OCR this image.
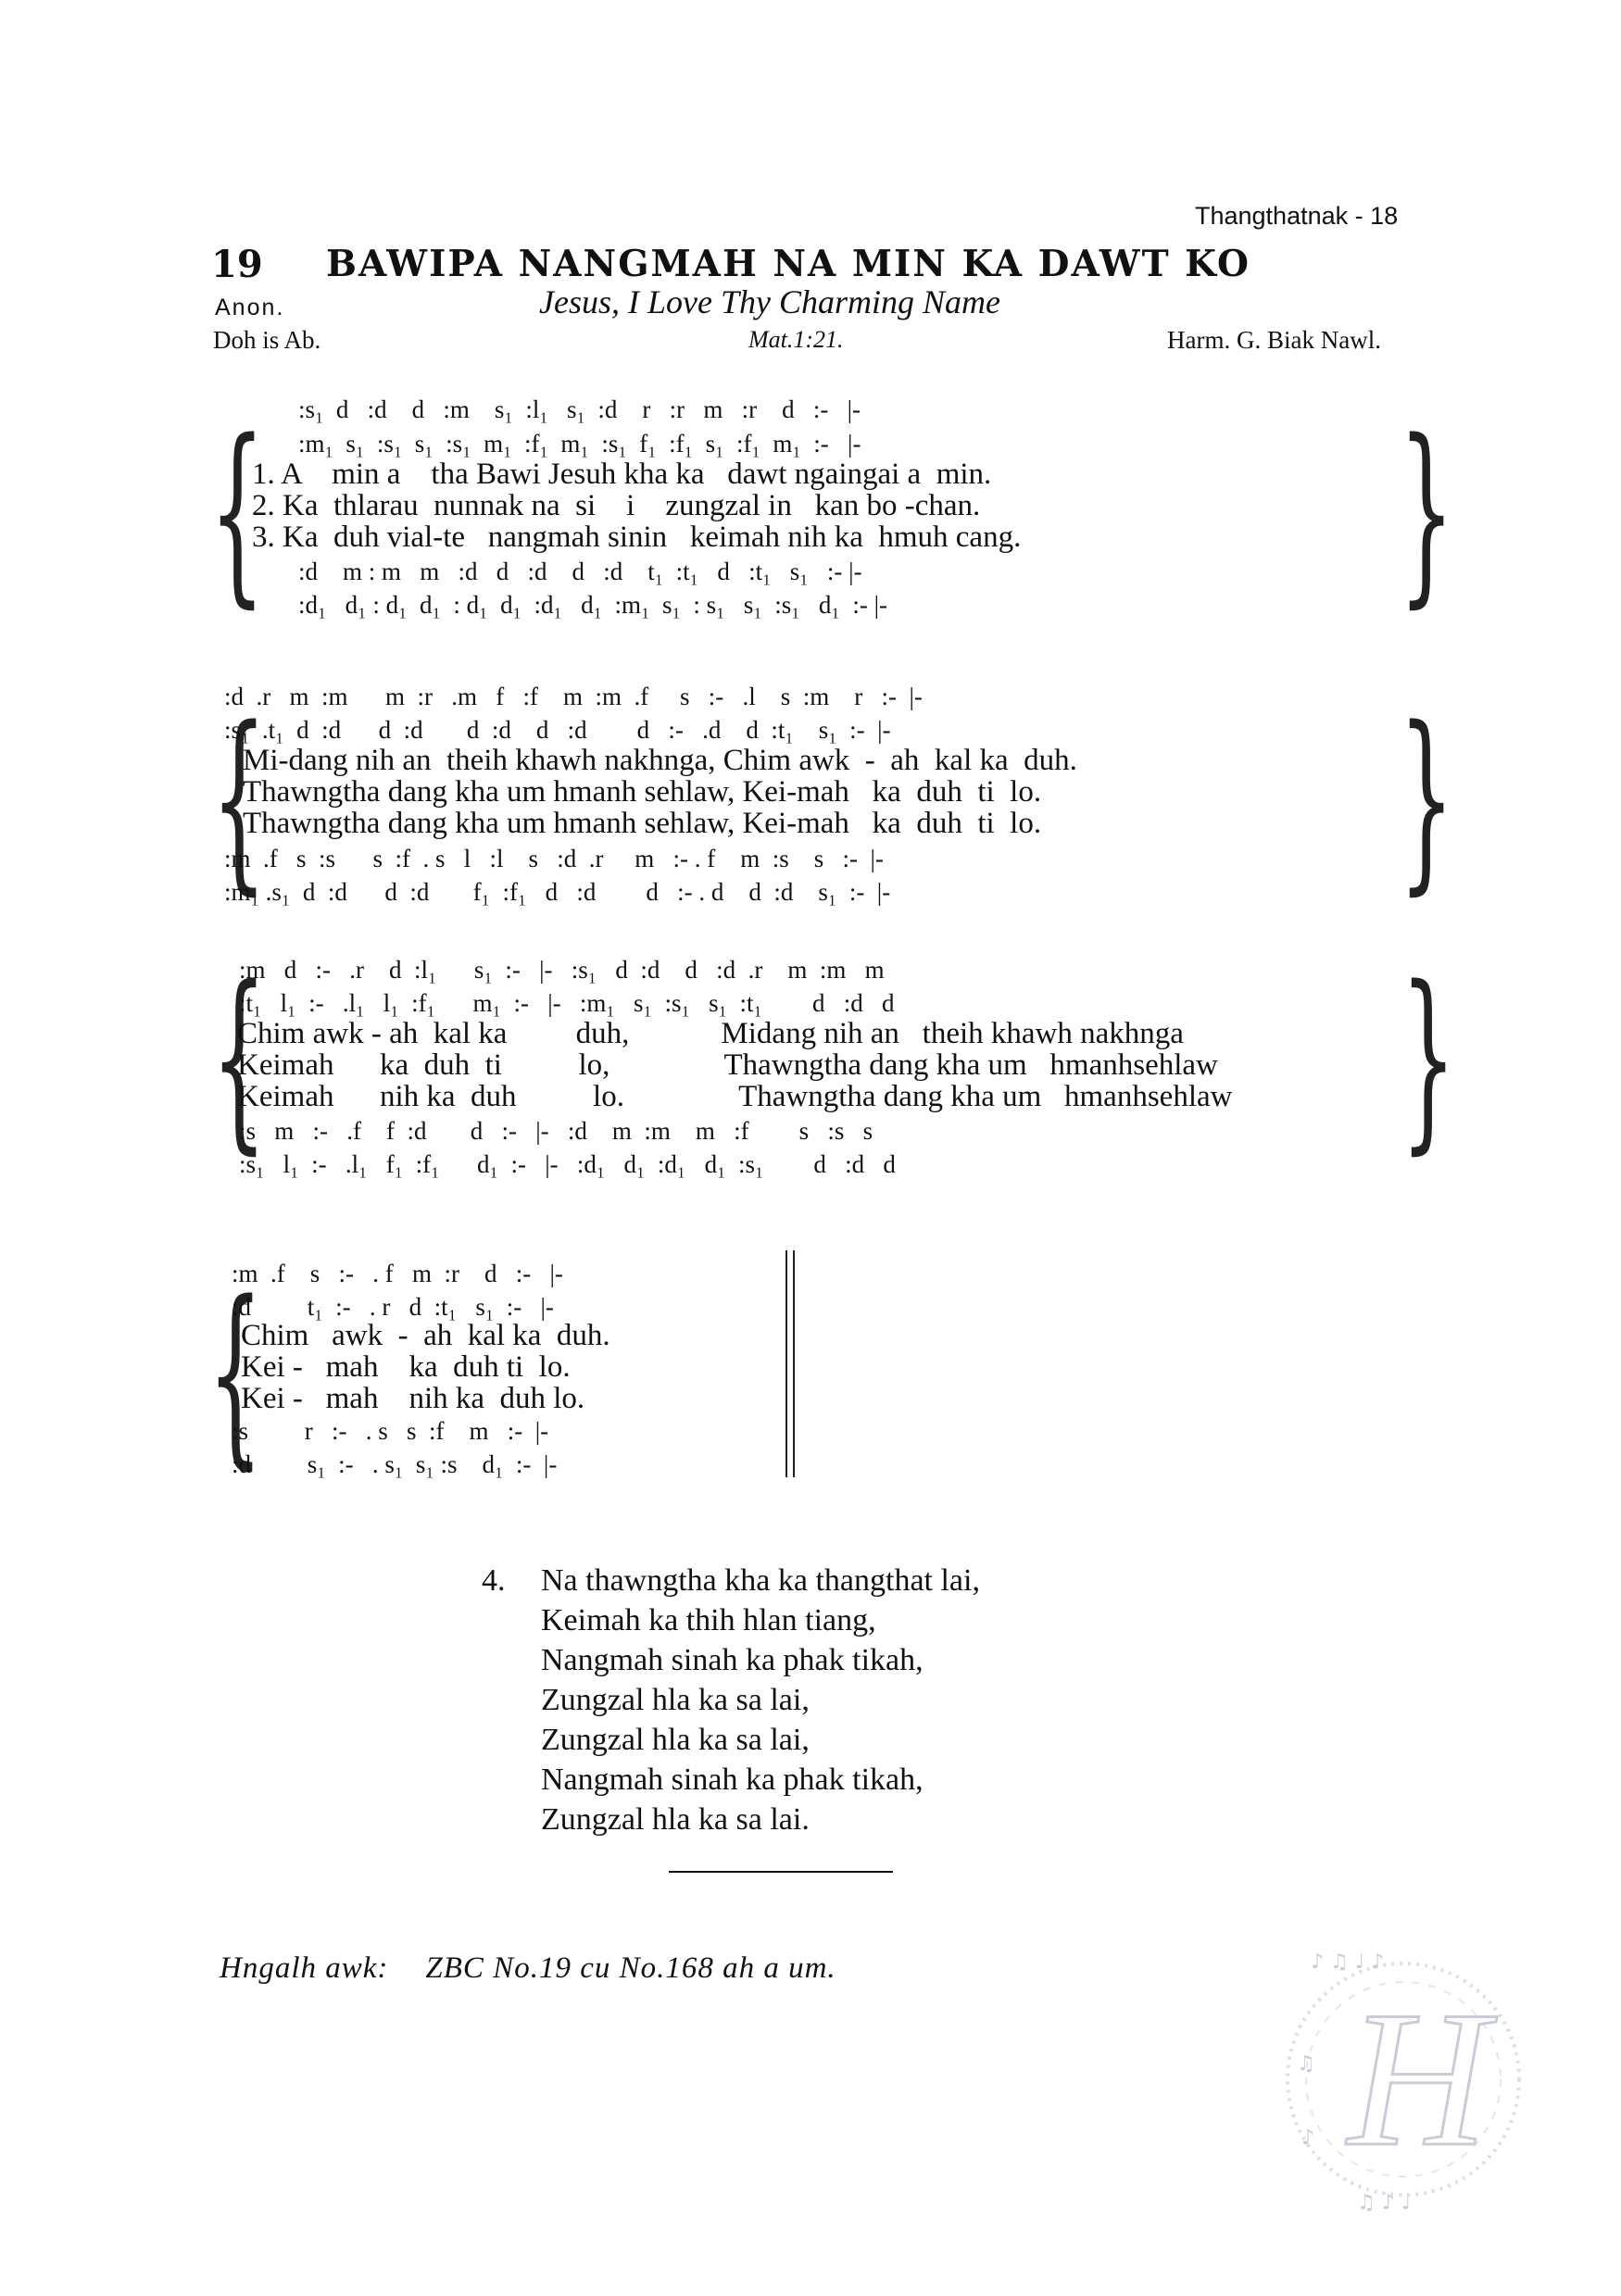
Thangthatnak - 18
19 BAWIPA NANGMAH NA MIN KA DAWT KO
Anon.	Jesus, I Love Thy Charming Name
Doh is Ab.	Mat.1:21.	Harm. G. Biak Nawl.
{	}
:s₁  d   :d    d   :m    s₁  :l₁   s₁  :d    r   :r   m   :r    d   :-   |-
:m₁  s₁  :s₁  s₁  :s₁  m₁  :f₁  m₁  :s₁  f₁  :f₁  s₁  :f₁  m₁  :-   |-
1. A    min a    tha Bawi Jesuh kha ka   dawt ngaingai a  min.
2. Ka  thlarau  nunnak na  si    i    zungzal in   kan bo -chan.
3. Ka  duh vial-te   nangmah sinin   keimah nih ka  hmuh cang.
:d    m : m   m   :d   d   :d    d   :d    t₁  :t₁   d   :t₁   s₁   :- |-
:d₁   d₁ : d₁  d₁  : d₁  d₁  :d₁   d₁  :m₁  s₁  : s₁   s₁  :s₁   d₁  :- |-
{	}
:d  .r   m  :m      m  :r   .m   f   :f    m  :m  .f     s   :-   .l    s  :m    r   :-  |-
:s₁  .t₁  d  :d      d  :d       d  :d    d   :d        d   :-   .d    d  :t₁    s₁  :-  |-
Mi-dang nih an  theih khawh nakhnga, Chim awk  -  ah  kal ka  duh.
Thawngtha dang kha um hmanh sehlaw, Kei-mah   ka  duh  ti  lo.
Thawngtha dang kha um hmanh sehlaw, Kei-mah   ka  duh  ti  lo.
:m  .f   s  :s      s  :f  . s   l   :l    s   :d  .r     m   :- . f    m  :s    s   :-  |-
:m₁ .s₁  d  :d      d  :d       f₁  :f₁   d   :d        d   :- . d    d  :d    s₁  :-  |-
{	}
:m   d   :-   .r    d  :l₁      s₁  :-   |-   :s₁   d  :d    d   :d  .r    m  :m   m
:t₁   l₁  :-   .l₁   l₁  :f₁      m₁  :-   |-   :m₁   s₁  :s₁   s₁  :t₁        d   :d   d
Chim awk - ah  kal ka         duh,            Midang nih an   theih khawh nakhnga
Keimah      ka  duh  ti          lo,               Thawngtha dang kha um   hmanhsehlaw
Keimah      nih ka  duh          lo.               Thawngtha dang kha um   hmanhsehlaw
:s   m   :-   .f    f  :d       d   :-   |-   :d    m  :m    m   :f        s   :s   s
:s₁   l₁  :-   .l₁   f₁  :f₁      d₁  :-   |-   :d₁   d₁  :d₁   d₁  :s₁        d   :d   d
{
:m  .f    s   :-   . f   m  :r    d   :-   |-
:d         t₁  :-   . r   d  :t₁   s₁  :-   |-
Chim   awk  -  ah  kal ka  duh.
Kei -   mah    ka  duh ti  lo.
Kei -   mah    nih ka  duh lo.
:s         r   :-   . s   s  :f    m   :-  |-
:d         s₁  :-   . s₁  s₁ :s    d₁  :-  |-
4. Na thawngtha kha ka thangthat lai,
Keimah ka thih hlan tiang,
Nangmah sinah ka phak tikah,
Zungzal hla ka sa lai,
Zungzal hla ka sa lai,
Nangmah sinah ka phak tikah,
Zungzal hla ka sa lai.
Hngalh awk: ZBC No.19 cu No.168 ah a um.
H
♪ ♫ ♩ ♪
♫
♪
♫ ♪ ♩
